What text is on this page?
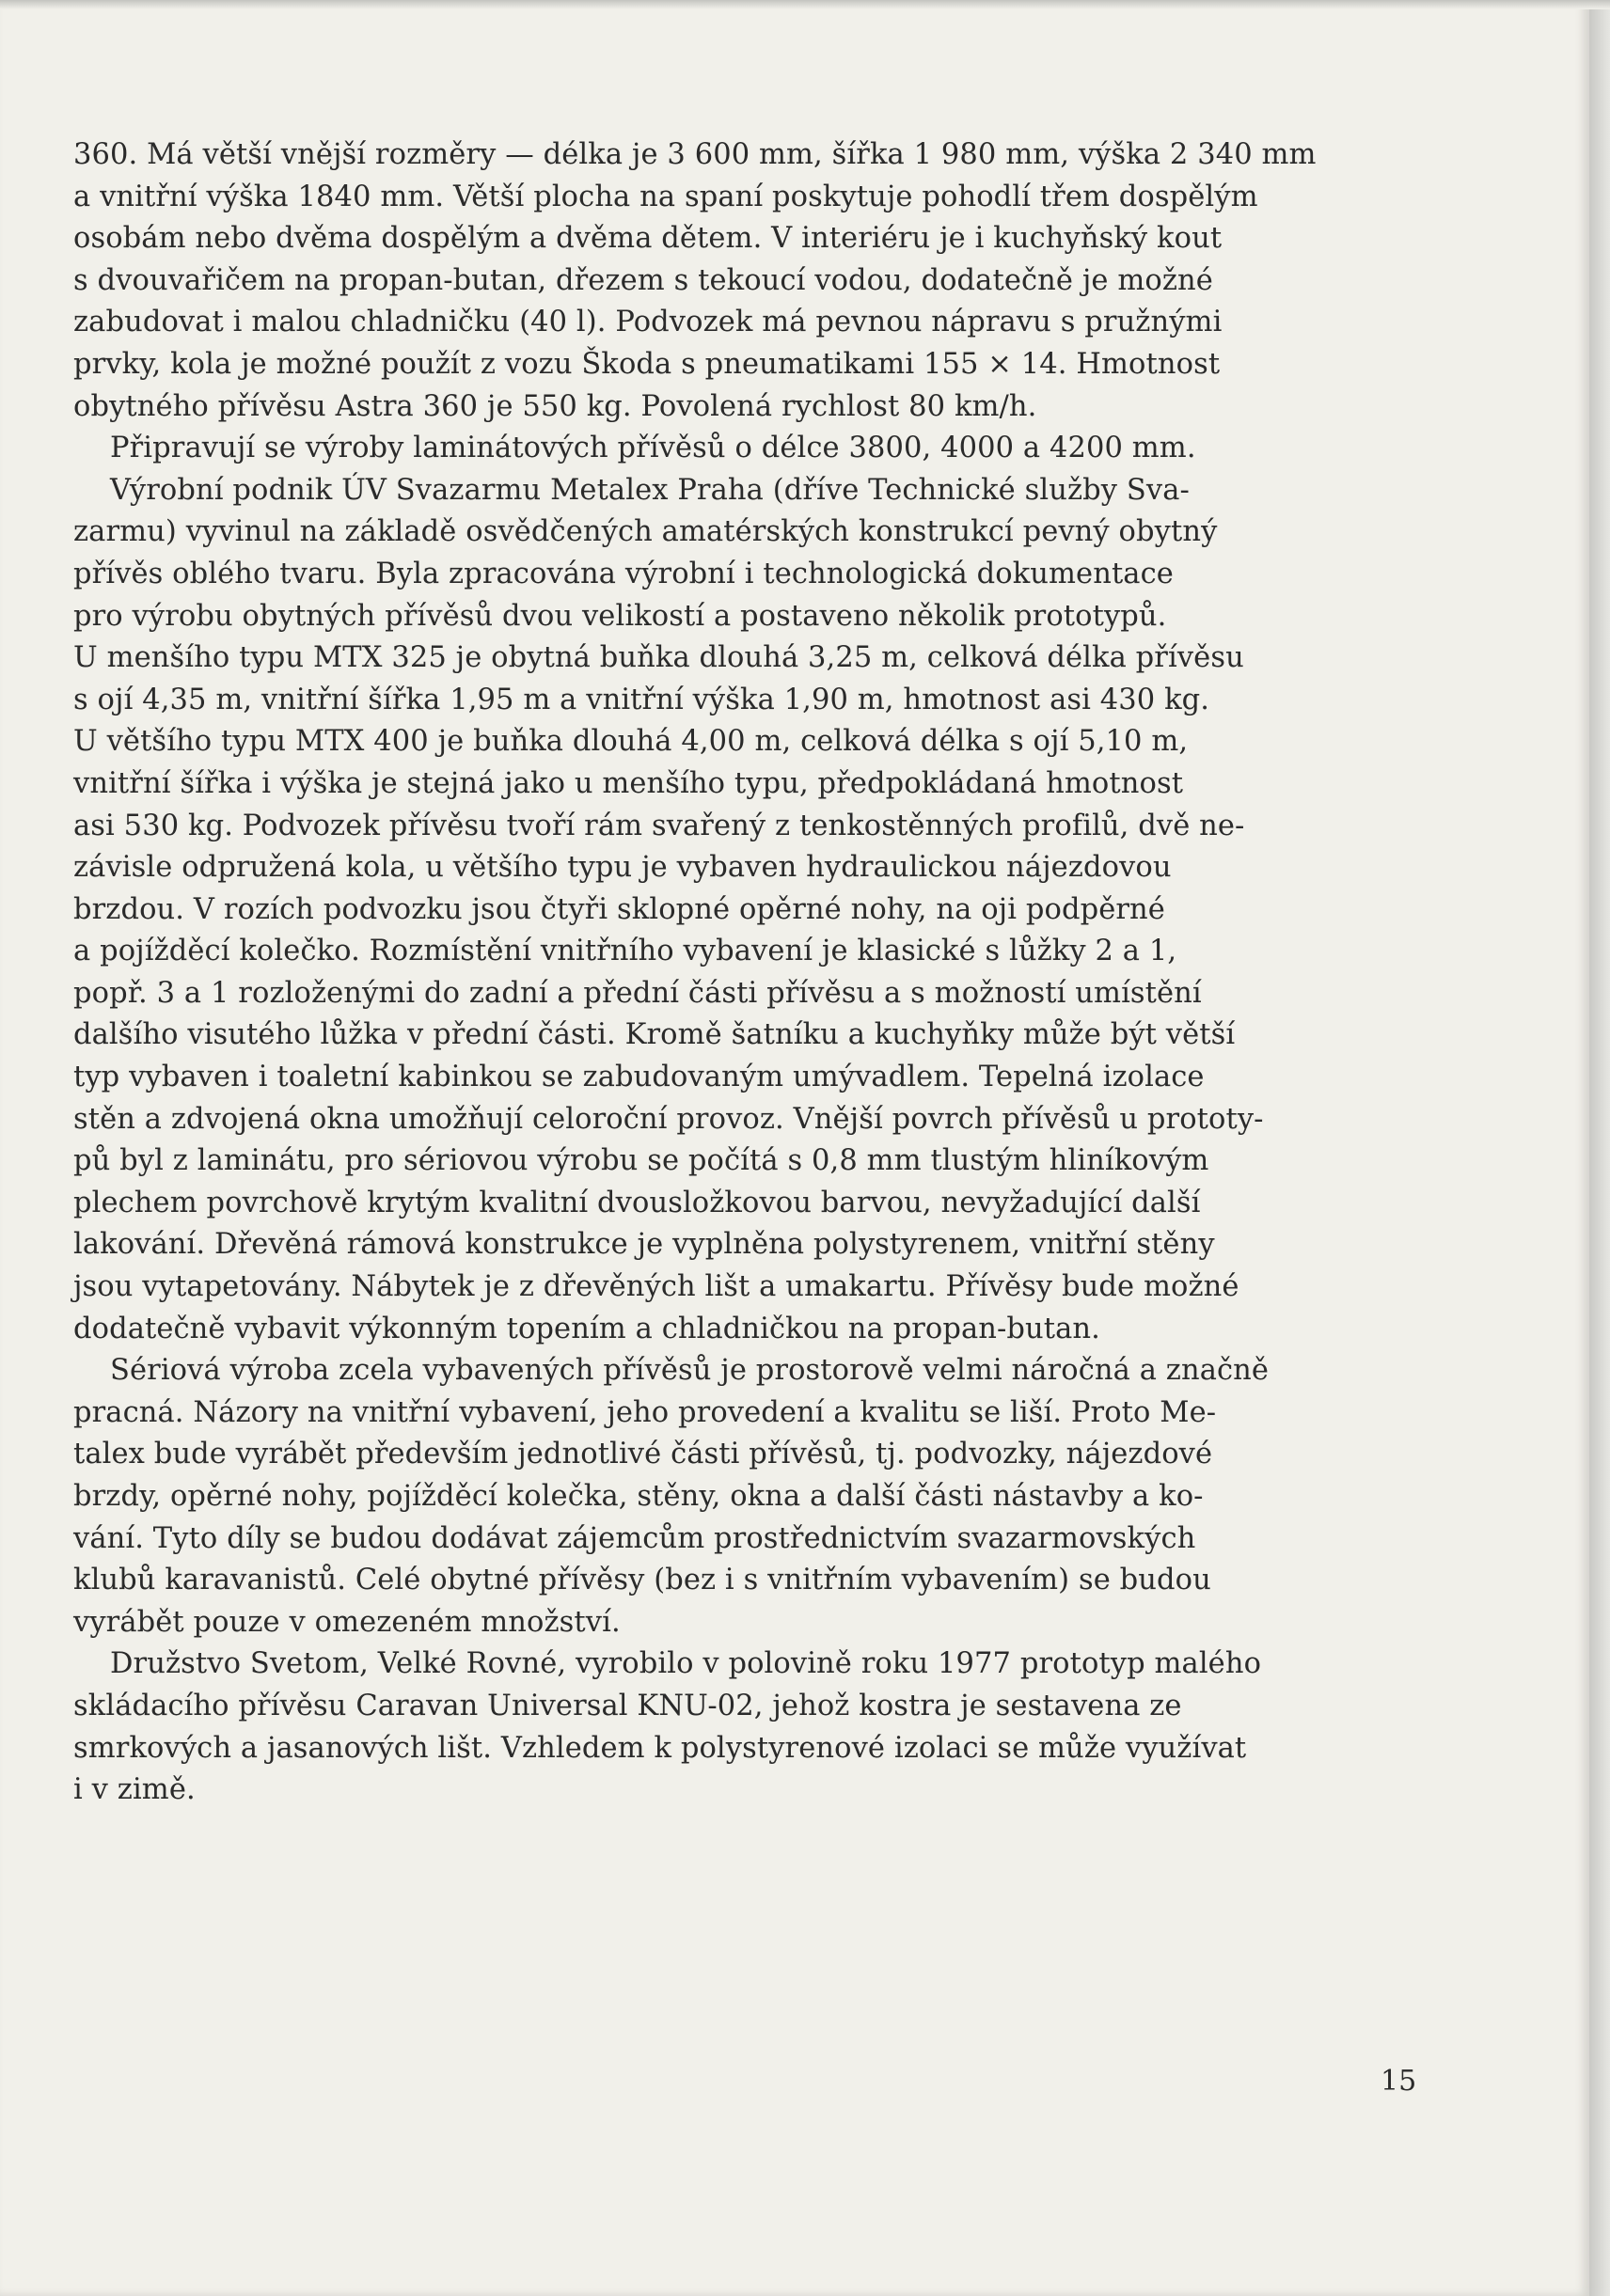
360. Má větší vnější rozměry — délka je 3 600 mm, šířka 1 980 mm, výška 2 340 mm
a vnitřní výška 1840 mm. Větší plocha na spaní poskytuje pohodlí třem dospělým
osobám nebo dvěma dospělým a dvěma dětem. V interiéru je i kuchyňský kout
s dvouvařičem na propan-butan, dřezem s tekoucí vodou, dodatečně je možné
zabudovat i malou chladničku (40 l). Podvozek má pevnou nápravu s pružnými
prvky, kola je možné použít z vozu Škoda s pneumatikami 155 × 14. Hmotnost
obytného přívěsu Astra 360 je 550 kg. Povolená rychlost 80 km/h.
Připravují se výroby laminátových přívěsů o délce 3800, 4000 a 4200 mm.
Výrobní podnik ÚV Svazarmu Metalex Praha (dříve Technické služby Sva-
zarmu) vyvinul na základě osvědčených amatérských konstrukcí pevný obytný
přívěs oblého tvaru. Byla zpracována výrobní i technologická dokumentace
pro výrobu obytných přívěsů dvou velikostí a postaveno několik prototypů.
U menšího typu MTX 325 je obytná buňka dlouhá 3,25 m, celková délka přívěsu
s ojí 4,35 m, vnitřní šířka 1,95 m a vnitřní výška 1,90 m, hmotnost asi 430 kg.
U většího typu MTX 400 je buňka dlouhá 4,00 m, celková délka s ojí 5,10 m,
vnitřní šířka i výška je stejná jako u menšího typu, předpokládaná hmotnost
asi 530 kg. Podvozek přívěsu tvoří rám svařený z tenkostěnných profilů, dvě ne-
závisle odpružená kola, u většího typu je vybaven hydraulickou nájezdovou
brzdou. V rozích podvozku jsou čtyři sklopné opěrné nohy, na oji podpěrné
a pojížděcí kolečko. Rozmístění vnitřního vybavení je klasické s lůžky 2 a 1,
popř. 3 a 1 rozloženými do zadní a přední části přívěsu a s možností umístění
dalšího visutého lůžka v přední části. Kromě šatníku a kuchyňky může být větší
typ vybaven i toaletní kabinkou se zabudovaným umývadlem. Tepelná izolace
stěn a zdvojená okna umožňují celoroční provoz. Vnější povrch přívěsů u prototy-
pů byl z laminátu, pro sériovou výrobu se počítá s 0,8 mm tlustým hliníkovým
plechem povrchově krytým kvalitní dvousložkovou barvou, nevyžadující další
lakování. Dřevěná rámová konstrukce je vyplněna polystyrenem, vnitřní stěny
jsou vytapetovány. Nábytek je z dřevěných lišt a umakartu. Přívěsy bude možné
dodatečně vybavit výkonným topením a chladničkou na propan-butan.
Sériová výroba zcela vybavených přívěsů je prostorově velmi náročná a značně
pracná. Názory na vnitřní vybavení, jeho provedení a kvalitu se liší. Proto Me-
talex bude vyrábět především jednotlivé části přívěsů, tj. podvozky, nájezdové
brzdy, opěrné nohy, pojížděcí kolečka, stěny, okna a další části nástavby a ko-
vání. Tyto díly se budou dodávat zájemcům prostřednictvím svazarmovských
klubů karavanistů. Celé obytné přívěsy (bez i s vnitřním vybavením) se budou
vyrábět pouze v omezeném množství.
Družstvo Svetom, Velké Rovné, vyrobilo v polovině roku 1977 prototyp malého
skládacího přívěsu Caravan Universal KNU-02, jehož kostra je sestavena ze
smrkových a jasanových lišt. Vzhledem k polystyrenové izolaci se může využívat
i v zimě.
15
